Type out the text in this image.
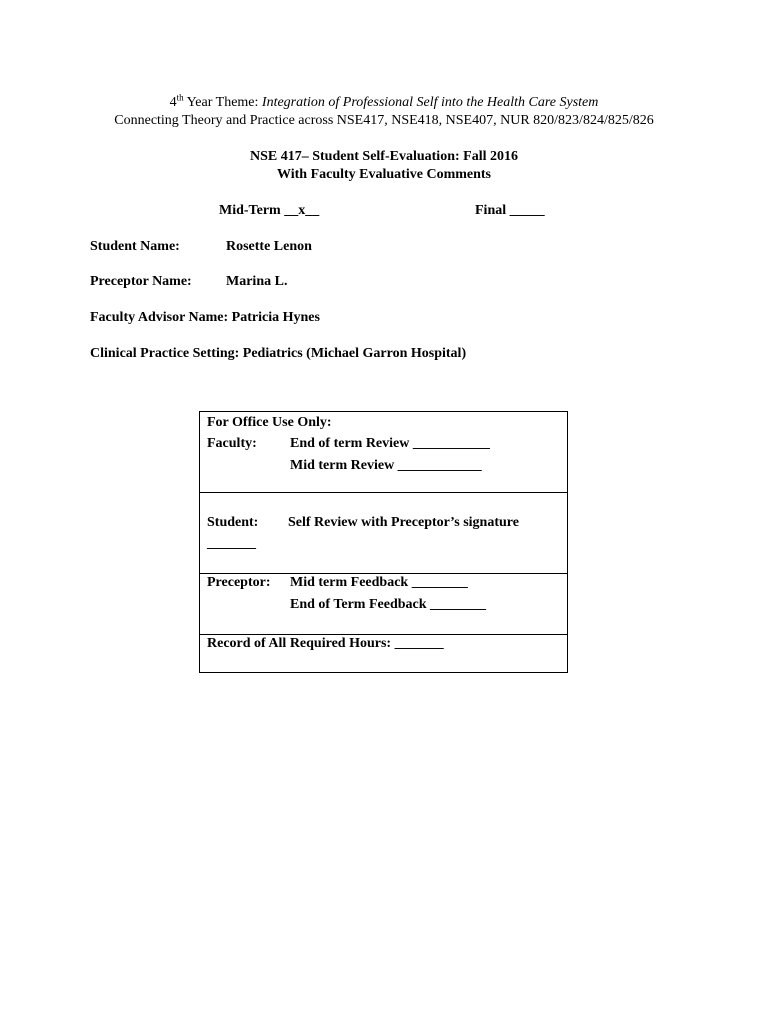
4th Year Theme: Integration of Professional Self into the Health Care System
Connecting Theory and Practice across NSE417, NSE418, NSE407, NUR 820/823/824/825/826
NSE 417– Student Self-Evaluation: Fall 2016
With Faculty Evaluative Comments
Mid-Term __x__	Final _____
Student Name:	Rosette Lenon
Preceptor Name: Marina L.
Faculty Advisor Name: Patricia Hynes
Clinical Practice Setting: Pediatrics (Michael Garron Hospital)
For Office Use Only:
Faculty: End of term Review ___________
Mid term Review ____________
Student: Self Review with Preceptor’s signature
_______
Preceptor: Mid term Feedback ________
End of Term Feedback ________
Record of All Required Hours: _______
